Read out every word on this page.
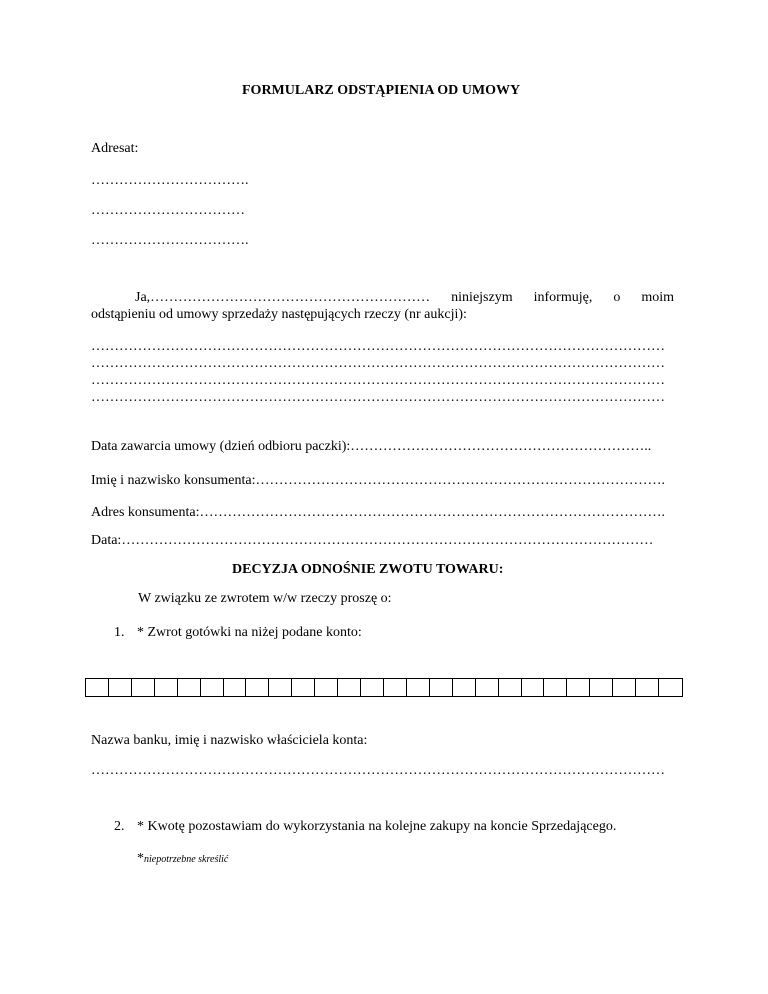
FORMULARZ ODSTĄPIENIA OD UMOWY
Adresat:
…………………………….
……………………………
…………………………….
Ja,…………………………………………………… niniejszym informuję, o moim
odstąpieniu od umowy sprzedaży następujących rzeczy (nr aukcji):
……………………………………………………………………………………………………………
……………………………………………………………………………………………………………
……………………………………………………………………………………………………………
……………………………………………………………………………………………………………
Data zawarcia umowy (dzień odbioru paczki):………………………………………………………..
Imię i nazwisko konsumenta:…………………………………………………………………………….
Adres konsumenta:……………………………………………………………………………………….
Data:……………………………………………………………………………………………………
DECYZJA ODNOŚNIE ZWOTU TOWARU:
W związku ze zwrotem w/w rzeczy proszę o:
1. * Zwrot gotówki na niżej podane konto:
Nazwa banku, imię i nazwisko właściciela konta:
……………………………………………………………………………………………………………
2. * Kwotę pozostawiam do wykorzystania na kolejne zakupy na koncie Sprzedającego.
*niepotrzebne skreślić
